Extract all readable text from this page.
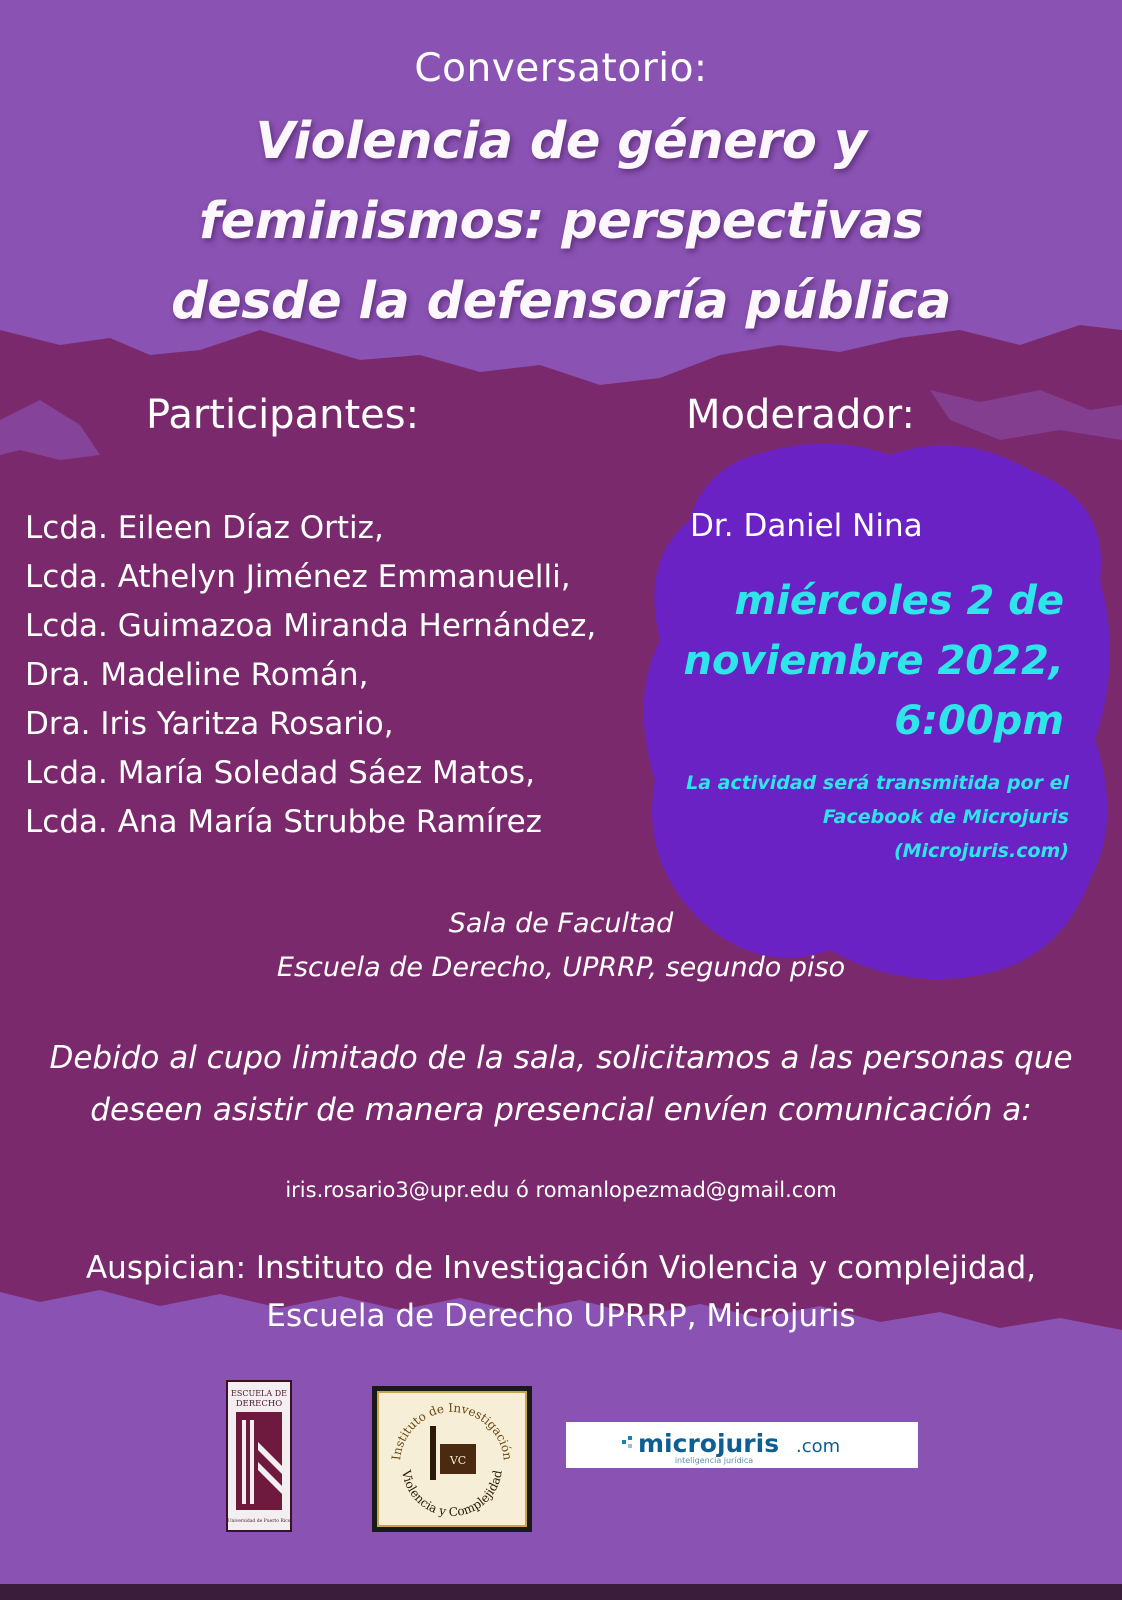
Conversatorio:
Violencia de género y
feminismos: perspectivas
desde la defensoría pública
Participantes:	Moderador:
Lcda. Eileen Díaz Ortiz,
Lcda. Athelyn Jiménez Emmanuelli,
Lcda. Guimazoa Miranda Hernández,
Dra. Madeline Román,
Dra. Iris Yaritza Rosario,
Lcda. María Soledad Sáez Matos,
Lcda. Ana María Strubbe Ramírez
Dr. Daniel Nina
miércoles 2 de
noviembre 2022,
6:00pm
La actividad será transmitida por el
Facebook de Microjuris
(Microjuris.com)
Sala de Facultad
Escuela de Derecho, UPRRP, segundo piso
Debido al cupo limitado de la sala, solicitamos a las personas que
deseen asistir de manera presencial envíen comunicación a:
iris.rosario3@upr.edu ó romanlopezmad@gmail.com
Auspician: Instituto de Investigación Violencia y complejidad,
Escuela de Derecho UPRRP, Microjuris
ESCUELA DE
DERECHO
Universidad de Puerto Rico
Instituto de Investigación
Violencia y Complejidad
VC
microjuris .com
inteligencia jurídica
